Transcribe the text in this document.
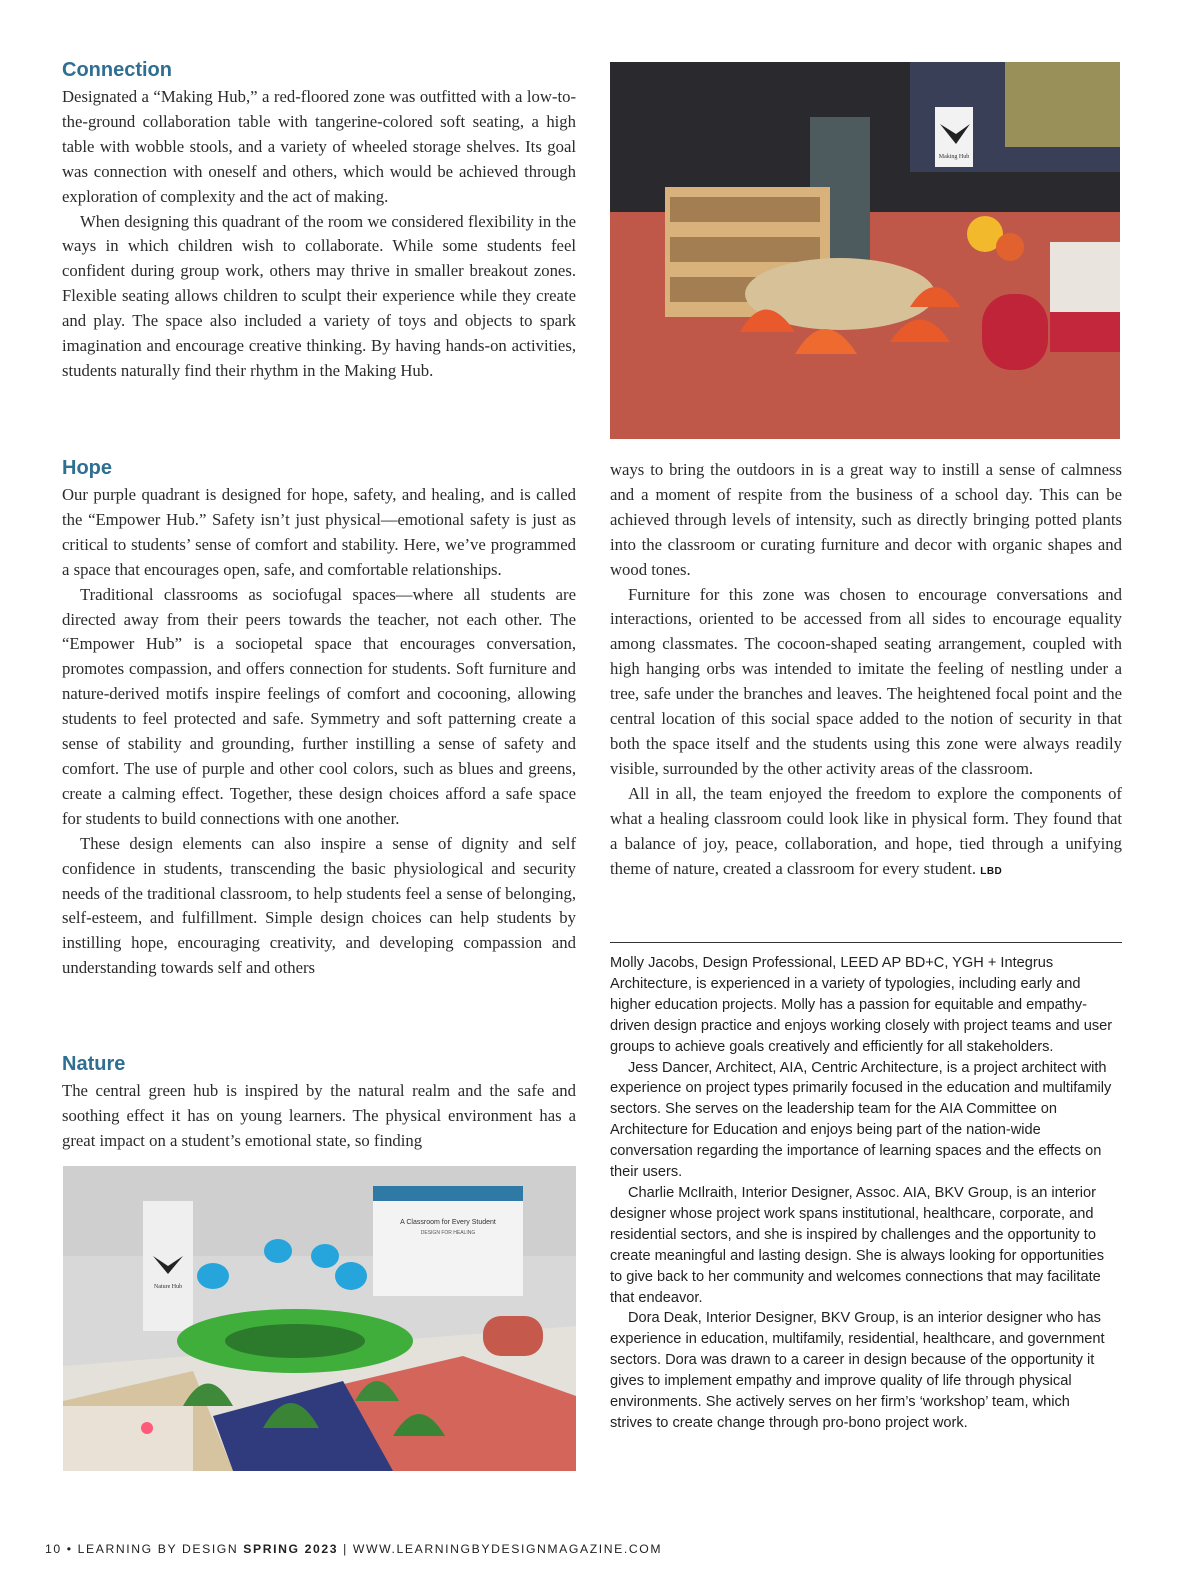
Connection

Designated a “Making Hub,” a red-floored zone was outfitted with a low-to-the-ground collaboration table with tangerine-colored soft seating, a high table with wobble stools, and a variety of wheeled storage shelves. Its goal was connection with oneself and others, which would be achieved through exploration of complexity and the act of making.

When designing this quadrant of the room we considered flexibility in the ways in which children wish to collaborate. While some students feel confident during group work, others may thrive in smaller breakout zones. Flexible seating allows children to sculpt their experience while they create and play. The space also included a variety of toys and objects to spark imagination and encourage creative thinking. By having hands-on activities, students naturally find their rhythm in the Making Hub.

Hope

Our purple quadrant is designed for hope, safety, and healing, and is called the “Empower Hub.” Safety isn’t just physical—emotional safety is just as critical to students’ sense of comfort and stability. Here, we’ve programmed a space that encourages open, safe, and comfortable relationships.

Traditional classrooms as sociofugal spaces—where all students are directed away from their peers towards the teacher, not each other. The “Empower Hub” is a sociopetal space that encourages conversation, promotes compassion, and offers connection for students. Soft furniture and nature-derived motifs inspire feelings of comfort and cocooning, allowing students to feel protected and safe. Symmetry and soft patterning create a sense of stability and grounding, further instilling a sense of safety and comfort. The use of purple and other cool colors, such as blues and greens, create a calming effect. Together, these design choices afford a safe space for students to build connections with one another.

These design elements can also inspire a sense of dignity and self confidence in students, transcending the basic physiological and security needs of the traditional classroom, to help students feel a sense of belonging, self-esteem, and fulfillment. Simple design choices can help students by instilling hope, encouraging creativity, and developing compassion and understanding towards self and others

Nature

The central green hub is inspired by the natural realm and the safe and soothing effect it has on young learners. The physical environment has a great impact on a student’s emotional state, so finding

ways to bring the outdoors in is a great way to instill a sense of calmness and a moment of respite from the business of a school day. This can be achieved through levels of intensity, such as directly bringing potted plants into the classroom or curating furniture and decor with organic shapes and wood tones.

Furniture for this zone was chosen to encourage conversations and interactions, oriented to be accessed from all sides to encourage equality among classmates. The cocoon-shaped seating arrangement, coupled with high hanging orbs was intended to imitate the feeling of nestling under a tree, safe under the branches and leaves. The heightened focal point and the central location of this social space added to the notion of security in that both the space itself and the students using this zone were always readily visible, surrounded by the other activity areas of the classroom.

All in all, the team enjoyed the freedom to explore the components of what a healing classroom could look like in physical form. They found that a balance of joy, peace, collaboration, and hope, tied through a unifying theme of nature, created a classroom for every student. LBD

Molly Jacobs, Design Professional, LEED AP BD+C, YGH + Integrus Architecture, is experienced in a variety of typologies, including early and higher education projects. Molly has a passion for equitable and empathy-driven design practice and enjoys working closely with project teams and user groups to achieve goals creatively and efficiently for all stakeholders.

Jess Dancer, Architect, AIA, Centric Architecture, is a project architect with experience on project types primarily focused in the education and multifamily sectors. She serves on the leadership team for the AIA Committee on Architecture for Education and enjoys being part of the nation-wide conversation regarding the importance of learning spaces and the effects on their users.

Charlie McIlraith, Interior Designer, Assoc. AIA, BKV Group, is an interior designer whose project work spans institutional, healthcare, corporate, and residential sectors, and she is inspired by challenges and the opportunity to create meaningful and lasting design. She is always looking for opportunities to give back to her community and welcomes connections that may facilitate that endeavor.

Dora Deak, Interior Designer, BKV Group, is an interior designer who has experience in education, multifamily, residential, healthcare, and government sectors. Dora was drawn to a career in design because of the opportunity it gives to implement empathy and improve quality of life through physical environments. She actively serves on her firm’s ‘workshop’ team, which strives to create change through pro-bono project work.

Making Hub
A Classroom for Every Student
DESIGN FOR HEALING
Nature Hub
10 • LEARNING BY DESIGN SPRING 2023 | WWW.LEARNINGBYDESIGNMAGAZINE.COM
